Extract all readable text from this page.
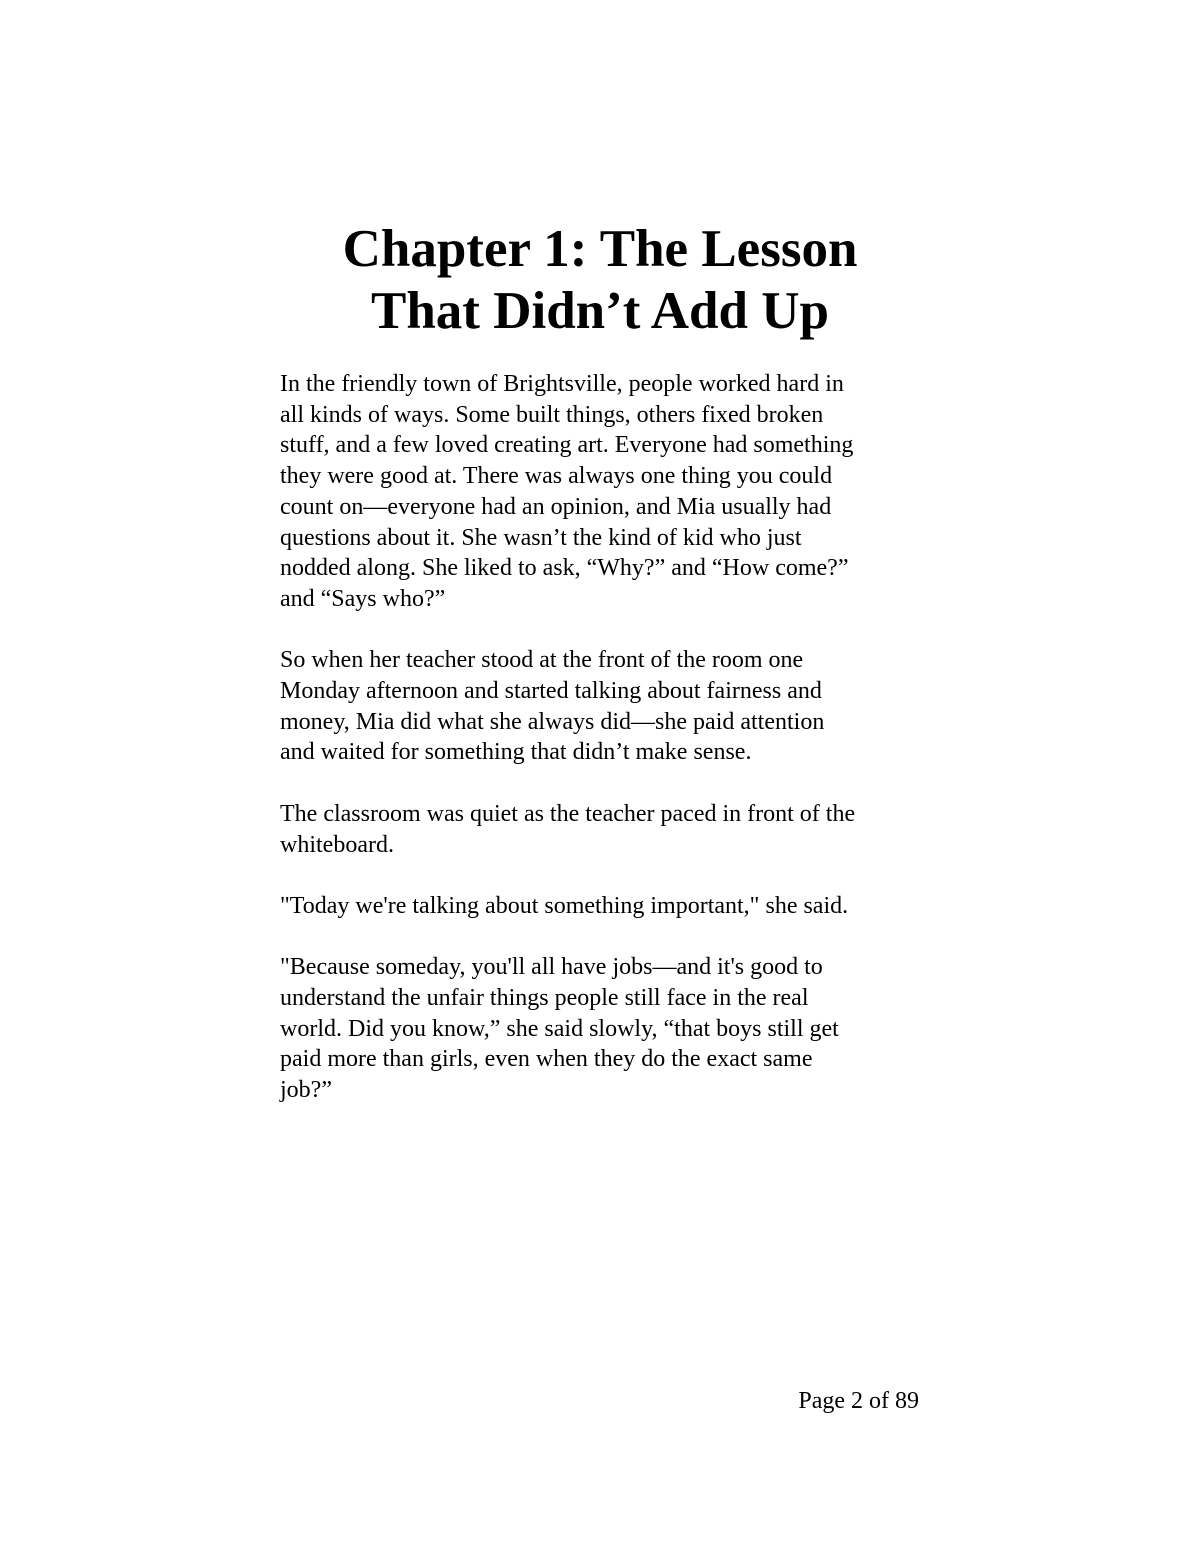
Chapter 1: The Lesson
That Didn’t Add Up

In the friendly town of Brightsville, people worked hard in
all kinds of ways. Some built things, others fixed broken
stuff, and a few loved creating art. Everyone had something
they were good at. There was always one thing you could
count on—everyone had an opinion, and Mia usually had
questions about it. She wasn’t the kind of kid who just
nodded along. She liked to ask, “Why?” and “How come?”
and “Says who?”

So when her teacher stood at the front of the room one
Monday afternoon and started talking about fairness and
money, Mia did what she always did—she paid attention
and waited for something that didn’t make sense.

The classroom was quiet as the teacher paced in front of the
whiteboard.

"Today we're talking about something important," she said.

"Because someday, you'll all have jobs—and it's good to
understand the unfair things people still face in the real
world. Did you know,” she said slowly, “that boys still get
paid more than girls, even when they do the exact same
job?”

Page 2 of 89
